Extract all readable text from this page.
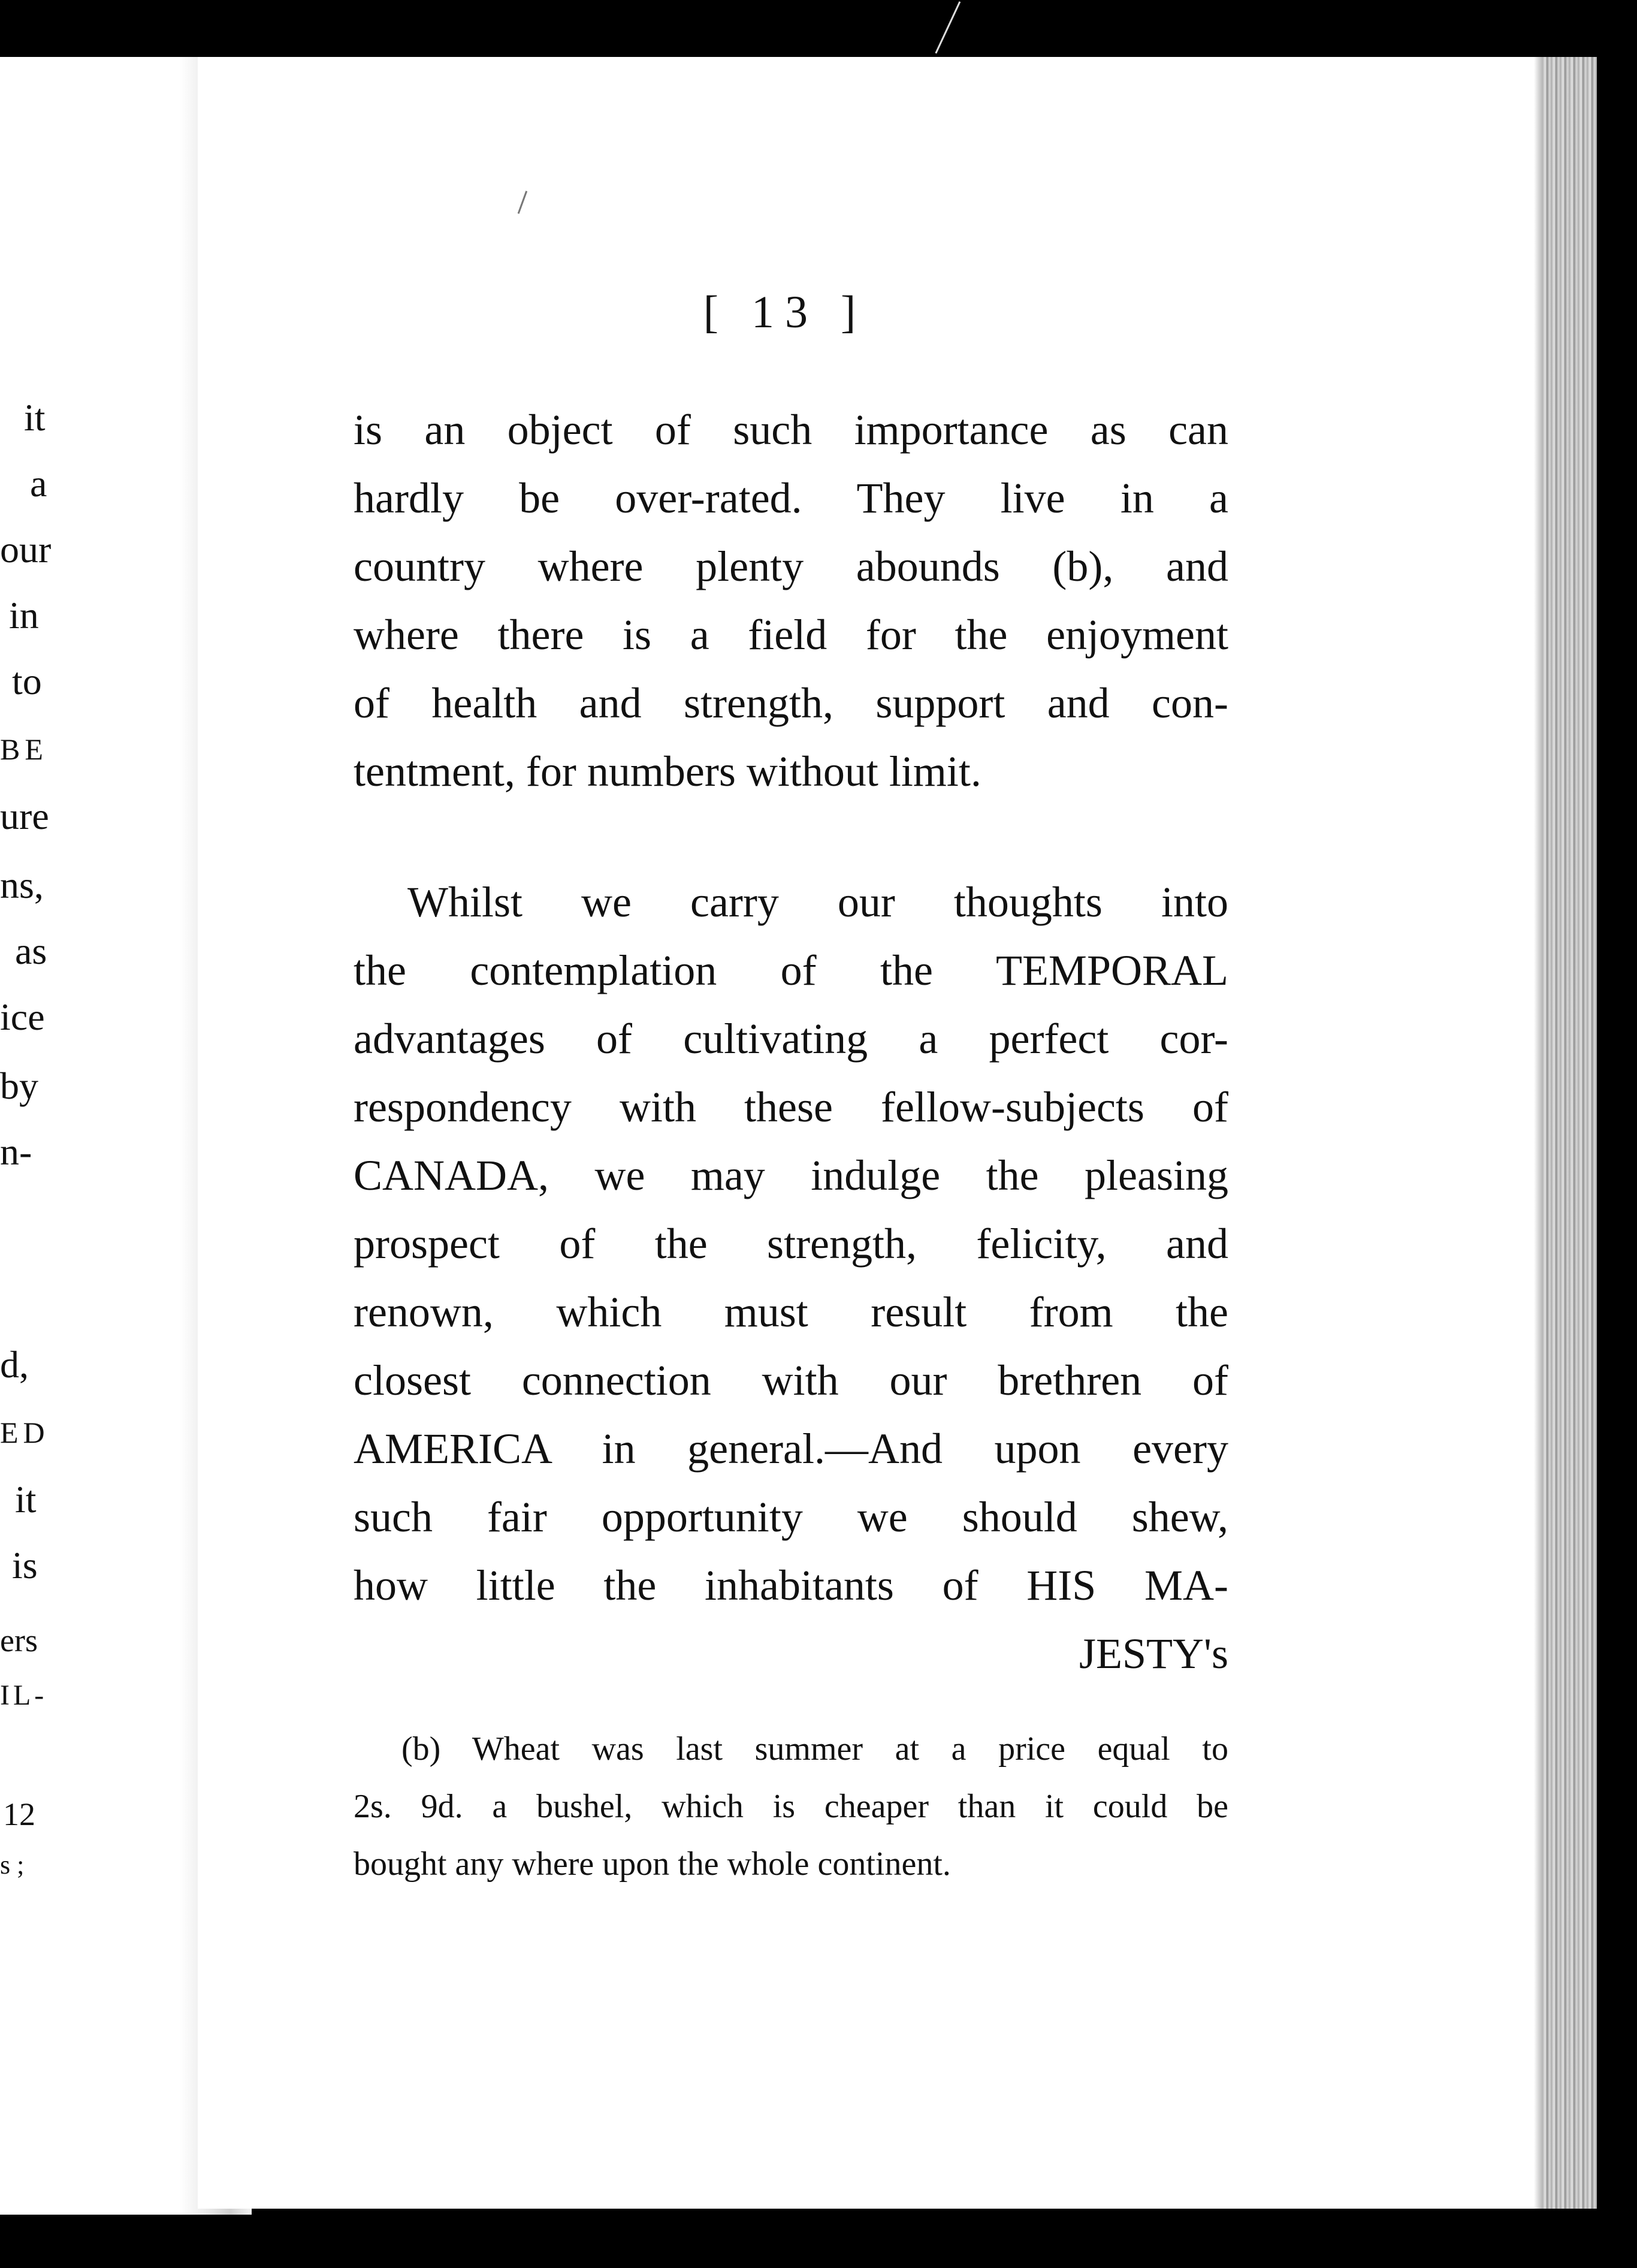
it
a
our
in
to
BE
ure
ns,
as
ice
by
n-
d,
ED
it
is
ers
IL-
12
s ;
[ 13 ]
is an object of such importance as can
hardly be over-rated. They live in a
country where plenty abounds (b), and
where there is a field for the enjoyment
of health and strength, support and con-
tentment, for numbers without limit.
Whilst we carry our thoughts into
the contemplation of the TEMPORAL
advantages of cultivating a perfect cor-
respondency with these fellow-subjects of
CANADA, we may indulge the pleasing
prospect of the strength, felicity, and
renown, which must result from the
closest connection with our brethren of
AMERICA in general.—And upon every
such fair opportunity we should shew,
how little the inhabitants of HIS MA-
JESTY's
(b) Wheat was last summer at a price equal to
2s. 9d. a bushel, which is cheaper than it could be
bought any where upon the whole continent.
